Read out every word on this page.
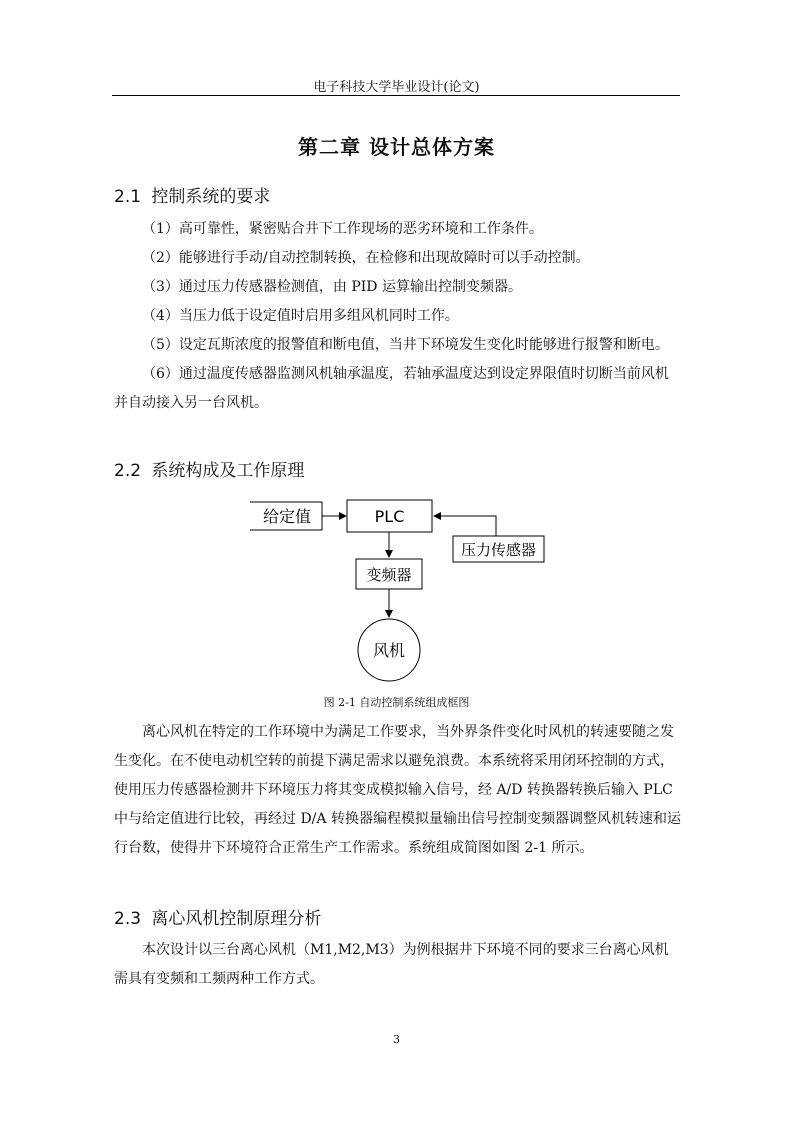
电子科技大学毕业设计(论文)
第二章 设计总体方案
2.1 控制系统的要求

（1）高可靠性，紧密贴合井下工作现场的恶劣环境和工作条件。

（2）能够进行手动/自动控制转换，在检修和出现故障时可以手动控制。

（3）通过压力传感器检测值，由 PID 运算输出控制变频器。

（4）当压力低于设定值时启用多组风机同时工作。

（5）设定瓦斯浓度的报警值和断电值，当井下环境发生变化时能够进行报警和断电。

（6）通过温度传感器监测风机轴承温度，若轴承温度达到设定界限值时切断当前风机并自动接入另一台风机。

2.2 系统构成及工作原理
给定值	PLC
压力传感器
变频器
风机
图 2-1 自动控制系统组成框图

离心风机在特定的工作环境中为满足工作要求，当外界条件变化时风机的转速要随之发生变化。在不使电动机空转的前提下满足需求以避免浪费。本系统将采用闭环控制的方式，使用压力传感器检测井下环境压力将其变成模拟输入信号，经 A/D 转换器转换后输入 PLC 中与给定值进行比较，再经过 D/A 转换器编程模拟量输出信号控制变频器调整风机转速和运行台数，使得井下环境符合正常生产工作需求。系统组成简图如图 2-1 所示。

2.3 离心风机控制原理分析

本次设计以三台离心风机（M1,M2,M3）为例根据井下环境不同的要求三台离心风机需具有变频和工频两种工作方式。

3
